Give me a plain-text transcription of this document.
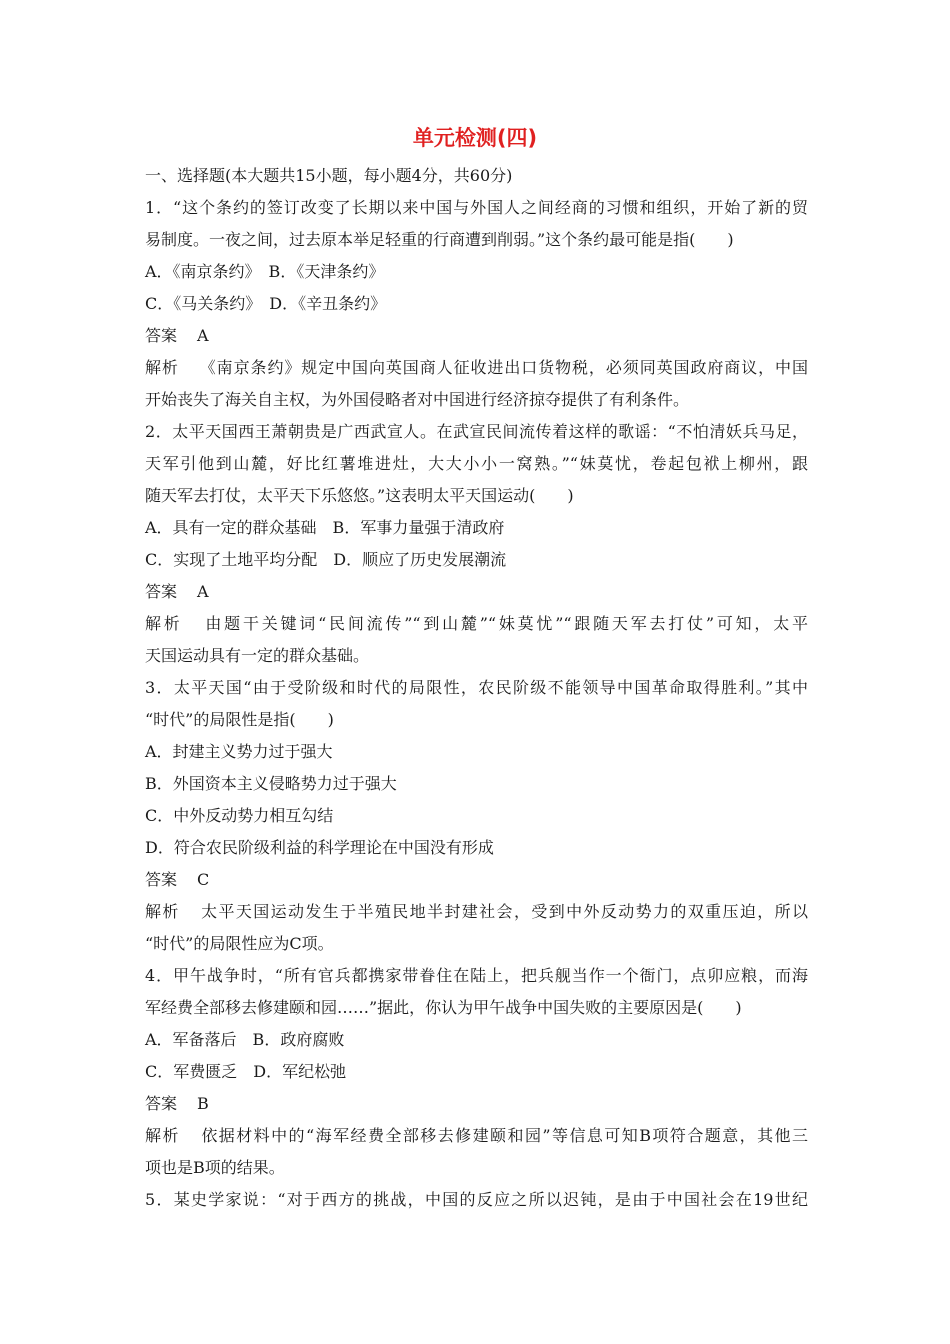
单元检测(四)
一、选择题(本大题共15小题，每小题4分，共60分)
1．“这个条约的签订改变了长期以来中国与外国人之间经商的习惯和组织，开始了新的贸
易制度。一夜之间，过去原本举足轻重的行商遭到削弱。”这个条约最可能是指(　　)
A．《南京条约》　B．《天津条约》
C．《马关条约》　D．《辛丑条约》
答案 A
解析 《南京条约》规定中国向英国商人征收进出口货物税，必须同英国政府商议，中国
开始丧失了海关自主权，为外国侵略者对中国进行经济掠夺提供了有利条件。
2．太平天国西王萧朝贵是广西武宣人。在武宣民间流传着这样的歌谣：“不怕清妖兵马足，
天军引他到山麓，好比红薯堆进灶，大大小小一窝熟。”“妹莫忧，卷起包袱上柳州，跟
随天军去打仗，太平天下乐悠悠。”这表明太平天国运动(　　)
A．具有一定的群众基础　B．军事力量强于清政府
C．实现了土地平均分配　D．顺应了历史发展潮流
答案 A
解析 由题干关键词“民间流传”“到山麓”“妹莫忧”“跟随天军去打仗”可知，太平
天国运动具有一定的群众基础。
3．太平天国“由于受阶级和时代的局限性，农民阶级不能领导中国革命取得胜利。”其中
“时代”的局限性是指(　　)
A．封建主义势力过于强大
B．外国资本主义侵略势力过于强大
C．中外反动势力相互勾结
D．符合农民阶级利益的科学理论在中国没有形成
答案 C
解析 太平天国运动发生于半殖民地半封建社会，受到中外反动势力的双重压迫，所以
“时代”的局限性应为C项。
4．甲午战争时，“所有官兵都携家带眷住在陆上，把兵舰当作一个衙门，点卯应粮，而海
军经费全部移去修建颐和园……”据此，你认为甲午战争中国失败的主要原因是(　　)
A．军备落后　B．政府腐败
C．军费匮乏　D．军纪松弛
答案 B
解析 依据材料中的“海军经费全部移去修建颐和园”等信息可知B项符合题意，其他三
项也是B项的结果。
5．某史学家说：“对于西方的挑战，中国的反应之所以迟钝，是由于中国社会在19世纪
